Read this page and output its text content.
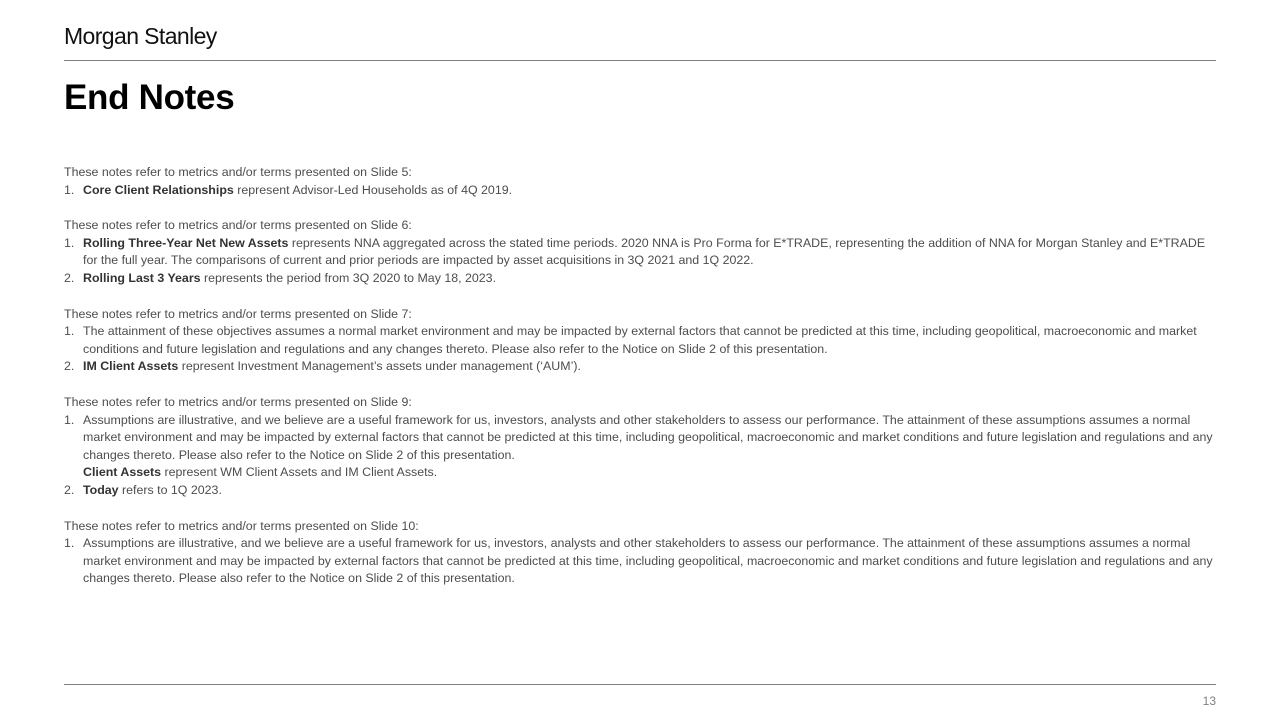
Morgan Stanley
End Notes

These notes refer to metrics and/or terms presented on Slide 5:

1. Core Client Relationships represent Advisor-Led Households as of 4Q 2019.

These notes refer to metrics and/or terms presented on Slide 6:

1. Rolling Three-Year Net New Assets represents NNA aggregated across the stated time periods. 2020 NNA is Pro Forma for E*TRADE, representing the addition of NNA for Morgan Stanley and E*TRADE for the full year. The comparisons of current and prior periods are impacted by asset acquisitions in 3Q 2021 and 1Q 2022.

2. Rolling Last 3 Years represents the period from 3Q 2020 to May 18, 2023.

These notes refer to metrics and/or terms presented on Slide 7:

1. The attainment of these objectives assumes a normal market environment and may be impacted by external factors that cannot be predicted at this time, including geopolitical, macroeconomic and market conditions and future legislation and regulations and any changes thereto. Please also refer to the Notice on Slide 2 of this presentation.

2. IM Client Assets represent Investment Management’s assets under management (‘AUM’).

These notes refer to metrics and/or terms presented on Slide 9:

1. Assumptions are illustrative, and we believe are a useful framework for us, investors, analysts and other stakeholders to assess our performance. The attainment of these assumptions assumes a normal market environment and may be impacted by external factors that cannot be predicted at this time, including geopolitical, macroeconomic and market conditions and future legislation and regulations and any changes thereto. Please also refer to the Notice on Slide 2 of this presentation.
Client Assets represent WM Client Assets and IM Client Assets.

2. Today refers to 1Q 2023.

These notes refer to metrics and/or terms presented on Slide 10:

1. Assumptions are illustrative, and we believe are a useful framework for us, investors, analysts and other stakeholders to assess our performance. The attainment of these assumptions assumes a normal market environment and may be impacted by external factors that cannot be predicted at this time, including geopolitical, macroeconomic and market conditions and future legislation and regulations and any changes thereto. Please also refer to the Notice on Slide 2 of this presentation.

13
